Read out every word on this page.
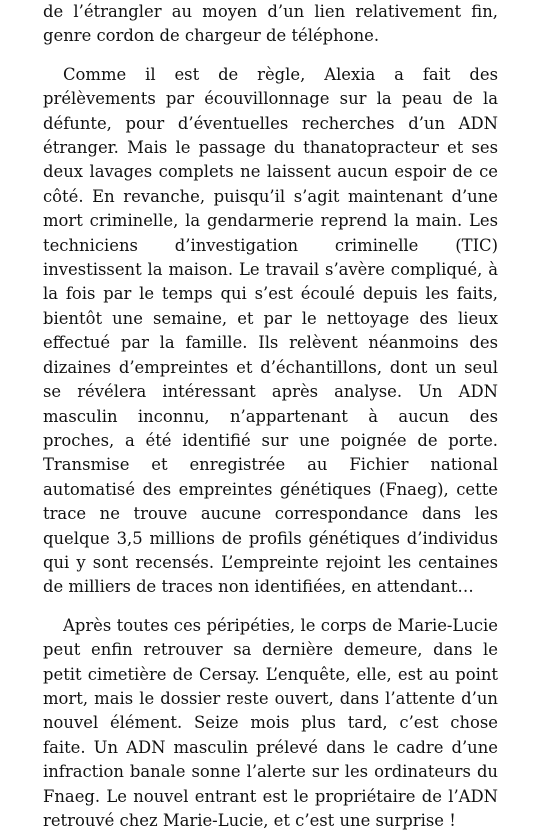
de l’étrangler au moyen d’un lien relativement fin, genre cordon de chargeur de téléphone.

Comme il est de règle, Alexia a fait des prélèvements par écouvillonnage sur la peau de la défunte, pour d’éventuelles recherches d’un ADN étranger. Mais le passage du thanatopracteur et ses deux lavages complets ne laissent aucun espoir de ce côté. En revanche, puisqu’il s’agit maintenant d’une mort criminelle, la gendarmerie reprend la main. Les techniciens d’investigation criminelle (TIC) investissent la maison. Le travail s’avère compliqué, à la fois par le temps qui s’est écoulé depuis les faits, bientôt une semaine, et par le nettoyage des lieux effectué par la famille. Ils relèvent néanmoins des dizaines d’empreintes et d’échantillons, dont un seul se révélera intéressant après analyse. Un ADN masculin inconnu, n’appartenant à aucun des proches, a été identifié sur une poignée de porte. Transmise et enregistrée au Fichier national automatisé des empreintes génétiques (Fnaeg), cette trace ne trouve aucune correspondance dans les quelque 3,5 millions de profils génétiques d’individus qui y sont recensés. L’empreinte rejoint les centaines de milliers de traces non identifiées, en attendant…

Après toutes ces péripéties, le corps de Marie-Lucie peut enfin retrouver sa dernière demeure, dans le petit cimetière de Cersay. L’enquête, elle, est au point mort, mais le dossier reste ouvert, dans l’attente d’un nouvel élément. Seize mois plus tard, c’est chose faite. Un ADN masculin prélevé dans le cadre d’une infraction banale sonne l’alerte sur les ordinateurs du Fnaeg. Le nouvel entrant est le propriétaire de l’ADN retrouvé chez Marie-Lucie, et c’est une surprise !
